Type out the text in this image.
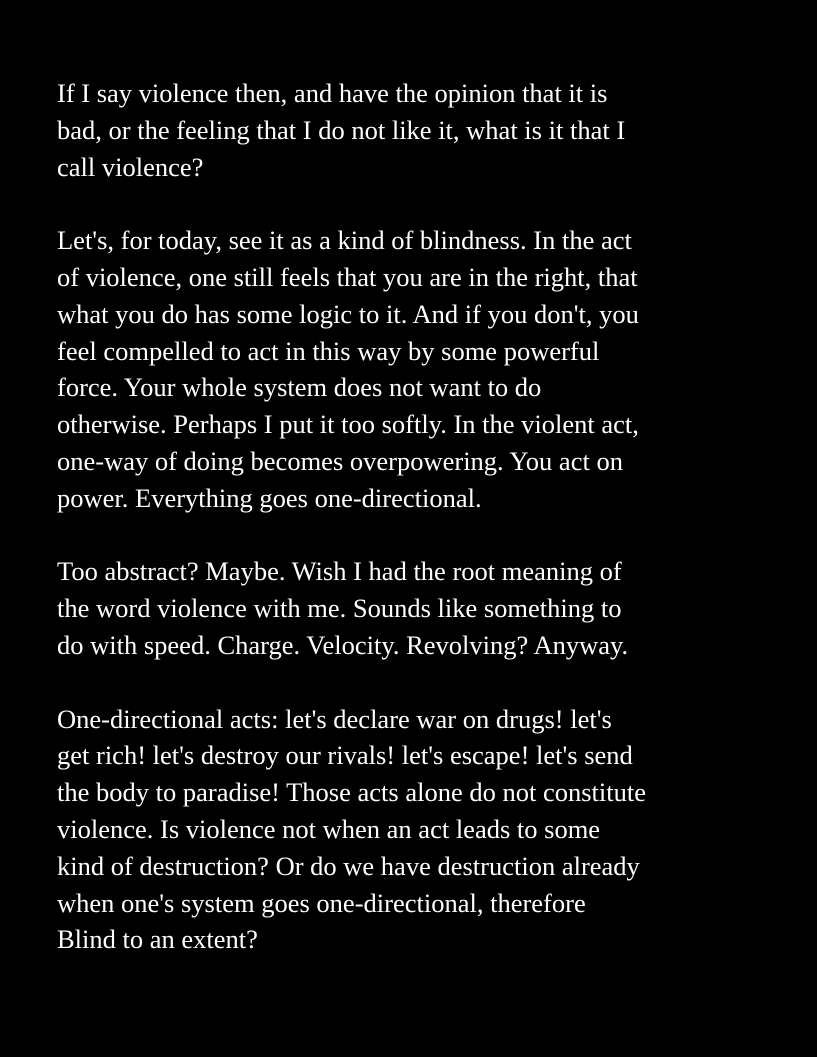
If I say violence then, and have the opinion that it is
bad, or the feeling that I do not like it, what is it that I
call violence?

Let's, for today, see it as a kind of blindness. In the act
of violence, one still feels that you are in the right, that
what you do has some logic to it. And if you don't, you
feel compelled to act in this way by some powerful
force. Your whole system does not want to do
otherwise. Perhaps I put it too softly. In the violent act,
one-way of doing becomes overpowering. You act on
power. Everything goes one-directional.

Too abstract? Maybe. Wish I had the root meaning of
the word violence with me. Sounds like something to
do with speed. Charge. Velocity. Revolving? Anyway.

One-directional acts: let's declare war on drugs! let's
get rich! let's destroy our rivals! let's escape! let's send
the body to paradise! Those acts alone do not constitute
violence. Is violence not when an act leads to some
kind of destruction? Or do we have destruction already
when one's system goes one-directional, therefore
Blind to an extent?
